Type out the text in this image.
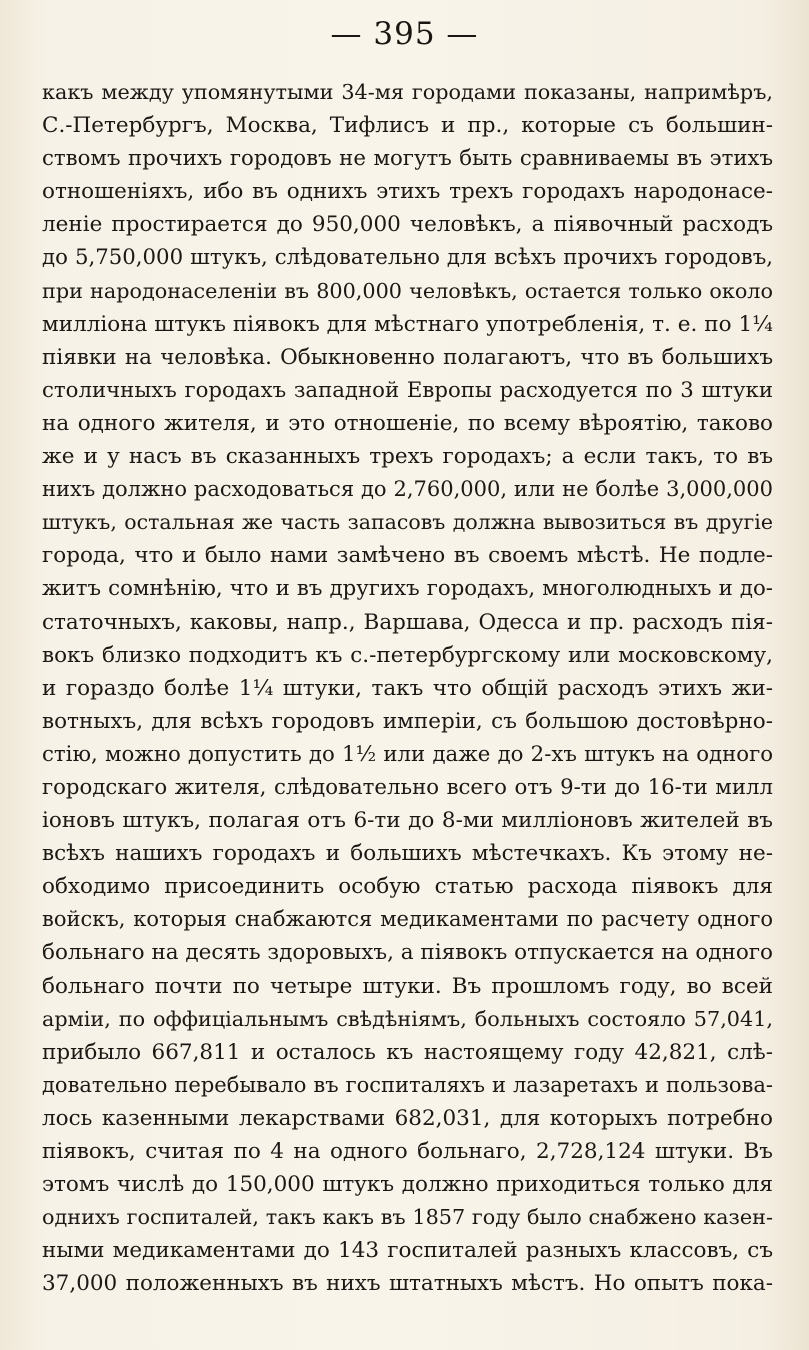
— 395 —
какъ между упомянутыми 34-мя городами показаны, напримѣръ,
С.-Петербургъ, Москва, Тифлисъ и пр., которые съ большин-
ствомъ прочихъ городовъ не могутъ быть сравниваемы въ этихъ
отношеніяхъ, ибо въ однихъ этихъ трехъ городахъ народонасе-
леніе простирается до 950,000 человѣкъ, а піявочный расходъ
до 5,750,000 штукъ, слѣдовательно для всѣхъ прочихъ городовъ,
при народонаселеніи въ 800,000 человѣкъ, остается только около
милліона штукъ піявокъ для мѣстнаго употребленія, т. е. по 1¼
піявки на человѣка. Обыкновенно полагаютъ, что въ большихъ
столичныхъ городахъ западной Европы расходуется по 3 штуки
на одного жителя, и это отношеніе, по всему вѣроятію, таково
же и у насъ въ сказанныхъ трехъ городахъ; а если такъ, то въ
нихъ должно расходоваться до 2,760,000, или не болѣе 3,000,000
штукъ, остальная же часть запасовъ должна вывозиться въ другіе
города, что и было нами замѣчено въ своемъ мѣстѣ. Не подле-
житъ сомнѣнію, что и въ другихъ городахъ, многолюдныхъ и до-
статочныхъ, каковы, напр., Варшава, Одесса и пр. расходъ пія-
вокъ близко подходитъ къ с.-петербургскому или московскому,
и гораздо болѣе 1¼ штуки, такъ что общій расходъ этихъ жи-
вотныхъ, для всѣхъ городовъ имперіи, съ большою достовѣрно-
стію, можно допустить до 1½ или даже до 2-хъ штукъ на одного
городскаго жителя, слѣдовательно всего отъ 9-ти до 16-ти милл
іоновъ штукъ, полагая отъ 6-ти до 8-ми милліоновъ жителей въ
всѣхъ нашихъ городахъ и большихъ мѣстечкахъ. Къ этому не-
обходимо присоединить особую статью расхода піявокъ для
войскъ, которыя снабжаются медикаментами по расчету одного
больнаго на десять здоровыхъ, а піявокъ отпускается на одного
больнаго почти по четыре штуки. Въ прошломъ году, во всей
арміи, по оффиціальнымъ свѣдѣніямъ, больныхъ состояло 57,041,
прибыло 667,811 и осталось къ настоящему году 42,821, слѣ-
довательно перебывало въ госпиталяхъ и лазаретахъ и пользова-
лось казенными лекарствами 682,031, для которыхъ потребно
піявокъ, считая по 4 на одного больнаго, 2,728,124 штуки. Въ
этомъ числѣ до 150,000 штукъ должно приходиться только для
однихъ госпиталей, такъ какъ въ 1857 году было снабжено казен-
ными медикаментами до 143 госпиталей разныхъ классовъ, съ
37,000 положенныхъ въ нихъ штатныхъ мѣстъ. Но опытъ пока-
